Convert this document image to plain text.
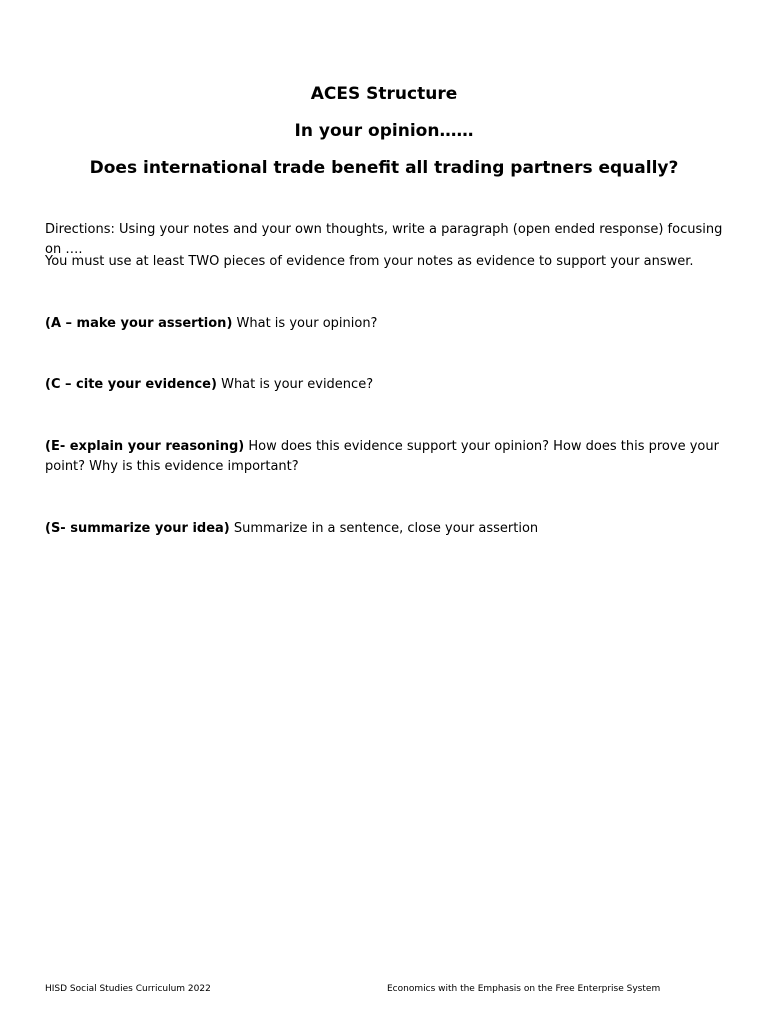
ACES Structure

In your opinion……

Does international trade benefit all trading partners equally?

Directions: Using your notes and your own thoughts, write a paragraph (open ended response) focusing on ….

You must use at least TWO pieces of evidence from your notes as evidence to support your answer.

(A – make your assertion) What is your opinion?

(C – cite your evidence) What is your evidence?

(E- explain your reasoning) How does this evidence support your opinion? How does this prove your point? Why is this evidence important?

(S- summarize your idea) Summarize in a sentence, close your assertion

HISD Social Studies Curriculum 2022	Economics with the Emphasis on the Free Enterprise System
